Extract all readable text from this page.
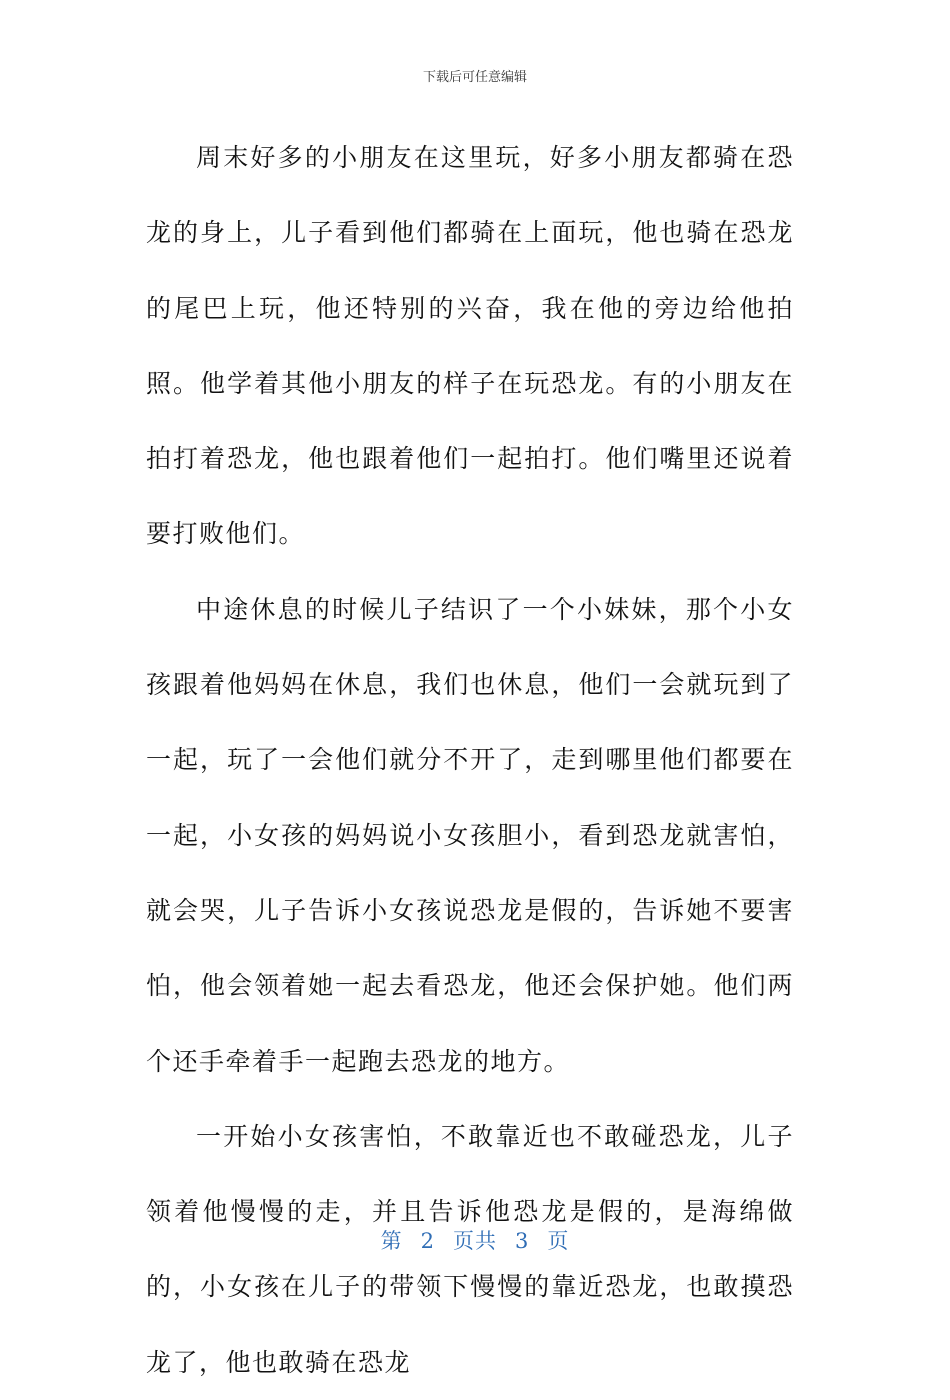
下载后可任意编辑

周末好多的小朋友在这里玩，好多小朋友都骑在恐龙的身上，儿子看到他们都骑在上面玩，他也骑在恐龙的尾巴上玩，他还特别的兴奋，我在他的旁边给他拍照。他学着其他小朋友的样子在玩恐龙。有的小朋友在拍打着恐龙，他也跟着他们一起拍打。他们嘴里还说着要打败他们。

中途休息的时候儿子结识了一个小妹妹，那个小女孩跟着他妈妈在休息，我们也休息，他们一会就玩到了一起，玩了一会他们就分不开了，走到哪里他们都要在一起，小女孩的妈妈说小女孩胆小，看到恐龙就害怕，就会哭，儿子告诉小女孩说恐龙是假的，告诉她不要害怕，他会领着她一起去看恐龙，他还会保护她。他们两个还手牵着手一起跑去恐龙的地方。

一开始小女孩害怕，不敢靠近也不敢碰恐龙，儿子领着他慢慢的走，并且告诉他恐龙是假的，是海绵做的，小女孩在儿子的带领下慢慢的靠近恐龙，也敢摸恐龙了，他也敢骑在恐龙

第 2 页共 3 页
